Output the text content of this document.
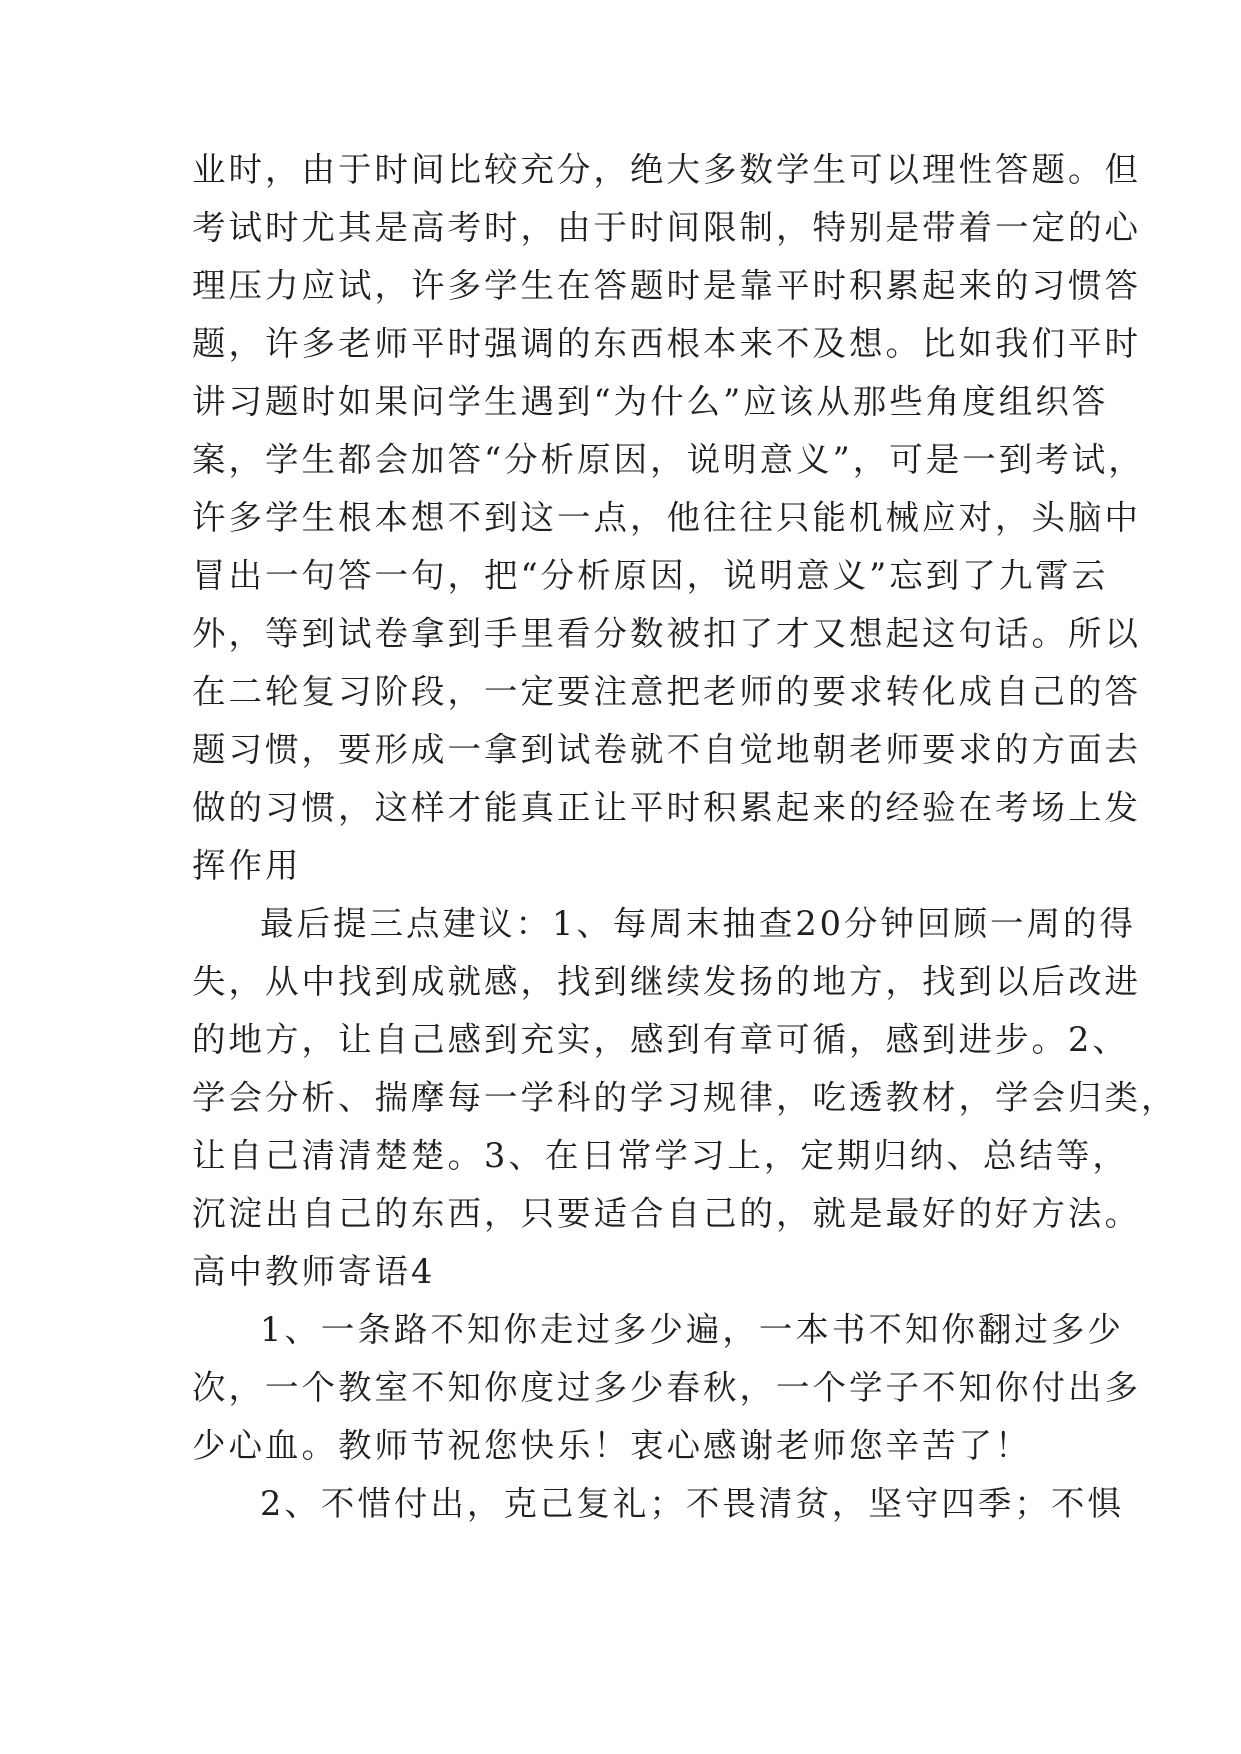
业时，由于时间比较充分，绝大多数学生可以理性答题。但
考试时尤其是高考时，由于时间限制，特别是带着一定的心
理压力应试，许多学生在答题时是靠平时积累起来的习惯答
题，许多老师平时强调的东西根本来不及想。比如我们平时
讲习题时如果问学生遇到“为什么”应该从那些角度组织答
案，学生都会加答“分析原因，说明意义”，可是一到考试，
许多学生根本想不到这一点，他往往只能机械应对，头脑中
冒出一句答一句，把“分析原因，说明意义”忘到了九霄云
外，等到试卷拿到手里看分数被扣了才又想起这句话。所以
在二轮复习阶段，一定要注意把老师的要求转化成自己的答
题习惯，要形成一拿到试卷就不自觉地朝老师要求的方面去
做的习惯，这样才能真正让平时积累起来的经验在考场上发
挥作用
最后提三点建议：1、每周末抽查20分钟回顾一周的得
失，从中找到成就感，找到继续发扬的地方，找到以后改进
的地方，让自己感到充实，感到有章可循，感到进步。2、
学会分析、揣摩每一学科的学习规律，吃透教材，学会归类，
让自己清清楚楚。3、在日常学习上，定期归纳、总结等，
沉淀出自己的东西，只要适合自己的，就是最好的好方法。
高中教师寄语4
1、一条路不知你走过多少遍，一本书不知你翻过多少
次，一个教室不知你度过多少春秋，一个学子不知你付出多
少心血。教师节祝您快乐！衷心感谢老师您辛苦了！
2、不惜付出，克己复礼；不畏清贫，坚守四季；不惧
